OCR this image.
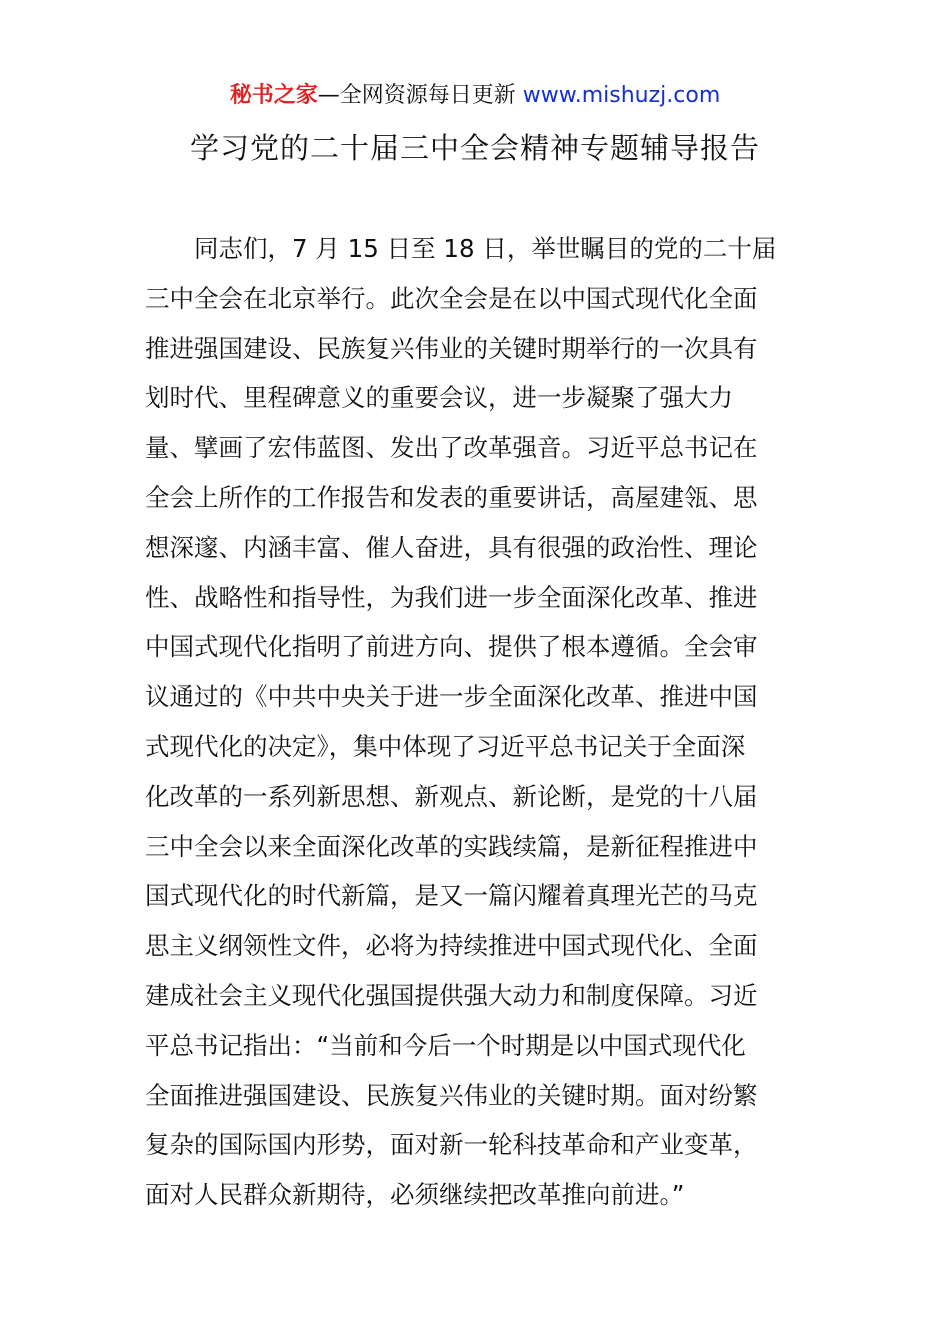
秘书之家—全网资源每日更新 www.mishuzj.com
学习党的二十届三中全会精神专题辅导报告
　　同志们，7 月 15 日至 18 日，举世瞩目的党的二十届
三中全会在北京举行。此次全会是在以中国式现代化全面
推进强国建设、民族复兴伟业的关键时期举行的一次具有
划时代、里程碑意义的重要会议，进一步凝聚了强大力
量、擘画了宏伟蓝图、发出了改革强音。习近平总书记在
全会上所作的工作报告和发表的重要讲话，高屋建瓴、思
想深邃、内涵丰富、催人奋进，具有很强的政治性、理论
性、战略性和指导性，为我们进一步全面深化改革、推进
中国式现代化指明了前进方向、提供了根本遵循。全会审
议通过的《中共中央关于进一步全面深化改革、推进中国
式现代化的决定》，集中体现了习近平总书记关于全面深
化改革的一系列新思想、新观点、新论断，是党的十八届
三中全会以来全面深化改革的实践续篇，是新征程推进中
国式现代化的时代新篇，是又一篇闪耀着真理光芒的马克
思主义纲领性文件，必将为持续推进中国式现代化、全面
建成社会主义现代化强国提供强大动力和制度保障。习近
平总书记指出：“当前和今后一个时期是以中国式现代化
全面推进强国建设、民族复兴伟业的关键时期。面对纷繁
复杂的国际国内形势，面对新一轮科技革命和产业变革，
面对人民群众新期待，必须继续把改革推向前进。”
